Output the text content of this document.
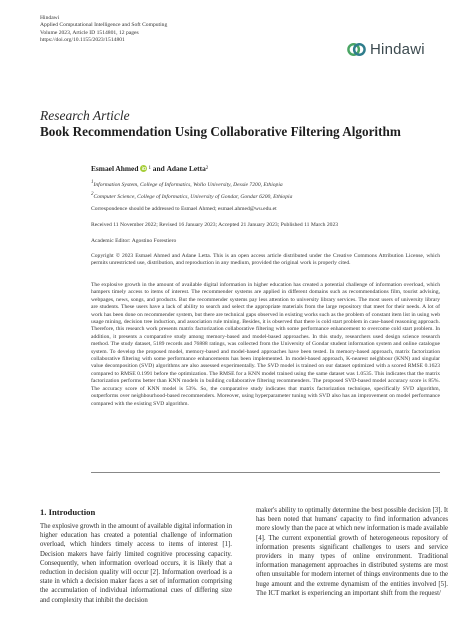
Hindawi
Applied Computational Intelligence and Soft Computing
Volume 2023, Article ID 1514801, 12 pages
https://doi.org/10.1155/2023/1514801
Hindawi
Research Article
Book Recommendation Using Collaborative Filtering Algorithm
Esmael Ahmed iD 1 and Adane Letta 2
1Information System, College of Informatics, Wollo University, Dessie 7200, Ethiopia
2Computer Science, College of Informatics, University of Gondar, Gondar 6200, Ethiopia
Correspondence should be addressed to Esmael Ahmed; esmael.ahmed@wu.edu.et
Received 11 November 2022; Revised 16 January 2023; Accepted 21 January 2023; Published 11 March 2023
Academic Editor: Agostino Forestiero
Copyright © 2023 Esmael Ahmed and Adane Letta. This is an open access article distributed under the Creative Commons Attribution License, which permits unrestricted use, distribution, and reproduction in any medium, provided the original work is properly cited.
The explosive growth in the amount of available digital information in higher education has created a potential challenge of information overload, which hampers timely access to items of interest. The recommender systems are applied in different domains such as recommendations film, tourist advising, webpages, news, songs, and products. But the recommender systems pay less attention to university library services. The most users of university library are students. These users have a lack of ability to search and select the appropriate materials from the large repository that meet for their needs. A lot of work has been done on recommender system, but there are technical gaps observed in existing works such as the problem of constant item list in using web usage mining, decision tree induction, and association rule mining. Besides, it is observed that there is cold start problem in case-based reasoning approach. Therefore, this research work presents matrix factorization collaborative filtering with some performance enhancement to overcome cold start problem. In addition, it presents a comparative study among memory-based and model-based approaches. In this study, researchers used design science research method. The study dataset, 5189 records and 76888 ratings, was collected from the University of Gondar student information system and online catalogue system. To develop the proposed model, memory-based and model-based approaches have been tested. In memory-based approach, matrix factorization collaborative filtering with some performance enhancements has been implemented. In model-based approach, K-nearest neighbour (KNN) and singular value decomposition (SVD) algorithms are also assessed experimentally. The SVD model is trained on our dataset optimized with a scored RMSE 0.1623 compared to RMSE 0.1991 before the optimization. The RMSE for a KNN model trained using the same dataset was 1.0535. This indicates that the matrix factorization performs better than KNN models in building collaborative filtering recommenders. The proposed SVD-based model accuracy score is 85%. The accuracy score of KNN model is 53%. So, the comparative study indicates that matrix factorization technique, specifically SVD algorithm, outperforms over neighbourhood-based recommenders. Moreover, using hyperparameter tuning with SVD also has an improvement on model performance compared with the existing SVD algorithm.
1. Introduction
The explosive growth in the amount of available digital information in higher education has created a potential challenge of information overload, which hinders timely access to items of interest [1]. Decision makers have fairly limited cognitive processing capacity. Consequently, when information overload occurs, it is likely that a reduction in decision quality will occur [2]. Information overload is a state in which a decision maker faces a set of information comprising the accumulation of individual informational cues of differing size and complexity that inhibit the decision
maker's ability to optimally determine the best possible decision [3]. It has been noted that humans' capacity to find information advances more slowly than the pace at which new information is made available [4]. The current exponential growth of heterogeneous repository of information presents significant challenges to users and service providers in many types of online environment. Traditional information management approaches in distributed systems are most often unsuitable for modern internet of things environments due to the huge amount and the extreme dynamism of the entities involved [5]. The ICT market is experiencing an important shift from the request/
